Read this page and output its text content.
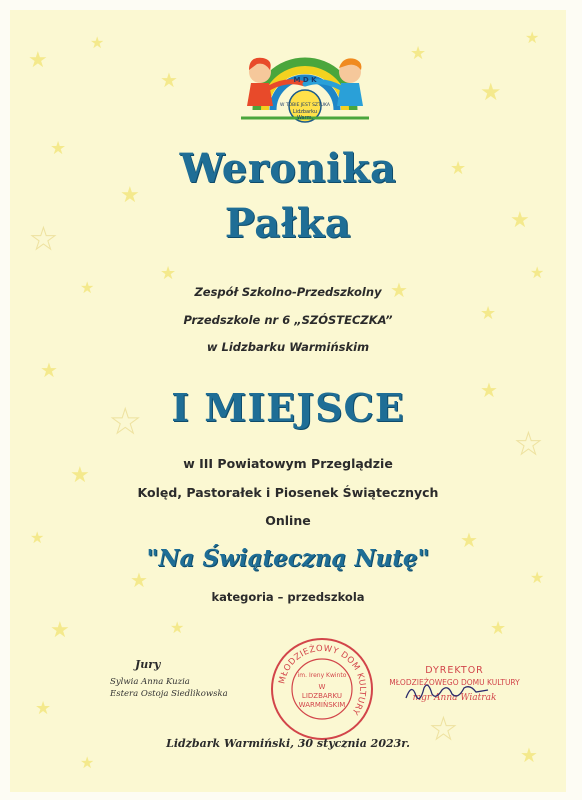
★
★
★
★
★
★
★
★
★
★
★
★
★
★
★
★
★
★
★
★
★
★
★
★
★
★	★	★
★
★
★
★
M D K
W TOBIE JEST SZTUKA
Lidzbarku
Warm.
Weronika
Pałka
Zespół Szkolno-Przedszkolny
Przedszkole nr 6 „SZÓSTECZKA”
w Lidzbarku Warmińskim
I MIEJSCE
w III Powiatowym Przeglądzie
Kolęd, Pastorałek i Piosenek Świątecznych
Online
"Na Świąteczną Nutę"
kategoria – przedszkola
Jury
Sylwia Anna Kuzia
Estera Ostoja Siedlikowska
MŁODZIEŻOWY DOM KULTURY
im. Ireny Kwinto
W
LIDZBARKU
WARMIŃSKIM
DYREKTOR
MŁODZIEŻOWEGO DOMU KULTURY
mgr Anna Wiatrak
Lidzbark Warmiński, 30 stycznia 2023r.
